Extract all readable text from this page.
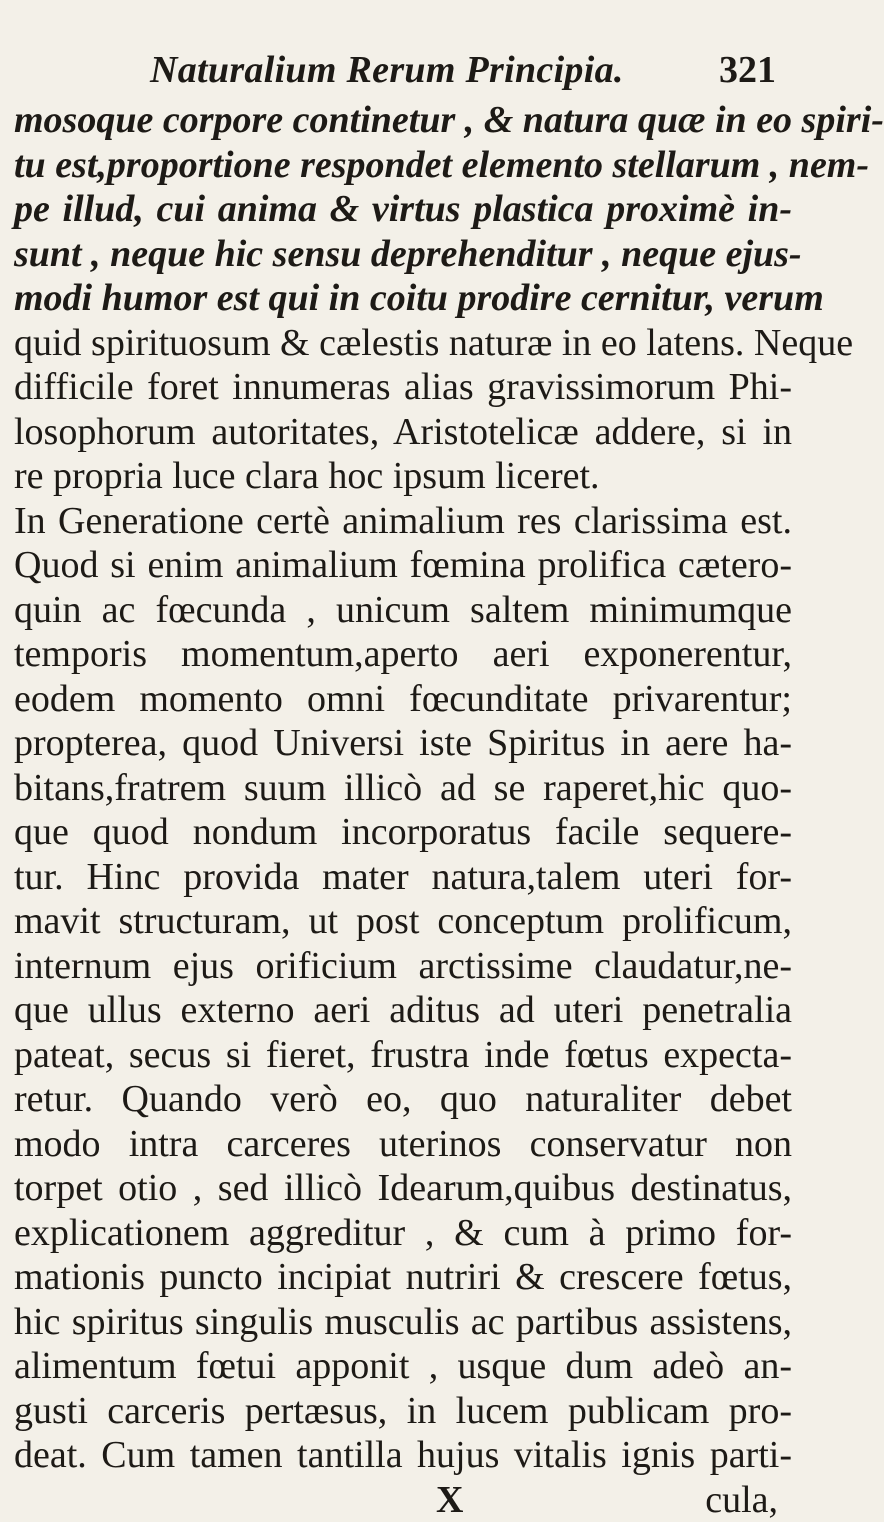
Naturalium Rerum Principia.	321
mosoque corpore continetur , & natura quæ in eo spiri-
tu est,proportione respondet elemento stellarum , nem-
pe illud, cui anima & virtus plastica proximè in-
sunt , neque hic sensu deprehenditur , neque ejus-
modi humor est qui in coitu prodire cernitur, verum
quid spirituosum & cælestis naturæ in eo latens. Neque
difficile foret innumeras alias gravissimorum Phi-
losophorum autoritates, Aristotelicæ addere, si in
re propria luce clara hoc ipsum liceret.
In Generatione certè animalium res clarissima est.
Quod si enim animalium fœmina prolifica cætero-
quin ac fœcunda , unicum saltem minimumque
temporis momentum,aperto aeri exponerentur,
eodem momento omni fœcunditate privarentur;
propterea, quod Universi iste Spiritus in aere ha-
bitans,fratrem suum illicò ad se raperet,hic quo-
que quod nondum incorporatus facile sequere-
tur. Hinc provida mater natura,talem uteri for-
mavit structuram, ut post conceptum prolificum,
internum ejus orificium arctissime claudatur,ne-
que ullus externo aeri aditus ad uteri penetralia
pateat, secus si fieret, frustra inde fœtus expecta-
retur. Quando verò eo, quo naturaliter debet
modo intra carceres uterinos conservatur non
torpet otio , sed illicò Idearum,quibus destinatus,
explicationem aggreditur , & cum à primo for-
mationis puncto incipiat nutriri & crescere fœtus,
hic spiritus singulis musculis ac partibus assistens,
alimentum fœtui apponit , usque dum adeò an-
gusti carceris pertæsus, in lucem publicam pro-
deat. Cum tamen tantilla hujus vitalis ignis parti-
X	cula,
